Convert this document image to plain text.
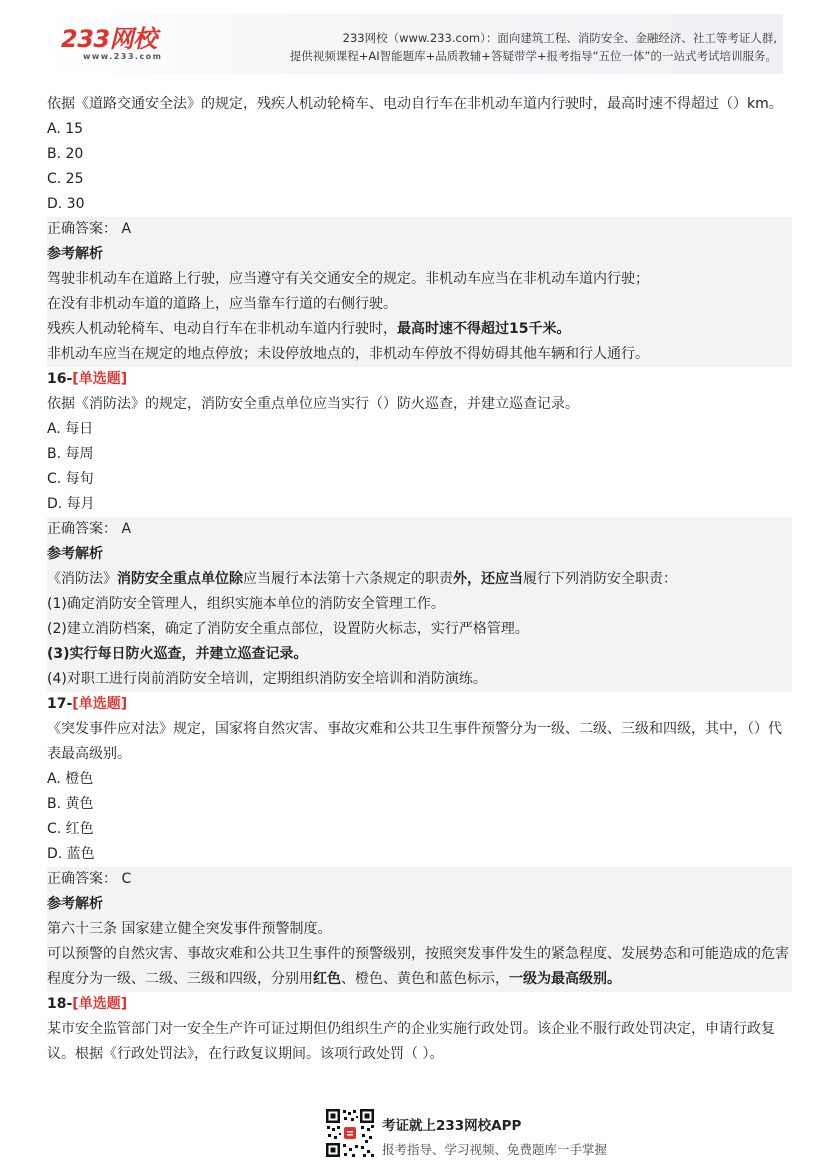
233网校
www.233.com
233网校（www.233.com）：面向建筑工程、消防安全、金融经济、社工等考证人群,
提供视频课程+AI智能题库+品质教辅+答疑带学+报考指导“五位一体”的一站式考试培训服务。
依据《道路交通安全法》的规定，残疾人机动轮椅车、电动自行车在非机动车道内行驶时，最高时速不得超过（）km。
A. 15
B. 20
C. 25
D. 30
正确答案： A
参考解析
驾驶非机动车在道路上行驶，应当遵守有关交通安全的规定。非机动车应当在非机动车道内行驶；
在没有非机动车道的道路上，应当靠车行道的右侧行驶。
残疾人机动轮椅车、电动自行车在非机动车道内行驶时，最高时速不得超过15千米。
非机动车应当在规定的地点停放；未设停放地点的，非机动车停放不得妨碍其他车辆和行人通行。
16-[单选题]
依据《消防法》的规定，消防安全重点单位应当实行（）防火巡查，并建立巡查记录。
A. 每日
B. 每周
C. 每旬
D. 每月
正确答案： A
参考解析
《消防法》消防安全重点单位除应当履行本法第十六条规定的职责外，还应当履行下列消防安全职责：
(1)确定消防安全管理人，组织实施本单位的消防安全管理工作。
(2)建立消防档案，确定了消防安全重点部位，设置防火标志，实行严格管理。
(3)实行每日防火巡查，并建立巡查记录。
(4)对职工进行岗前消防安全培训，定期组织消防安全培训和消防演练。
17-[单选题]
《突发事件应对法》规定，国家将自然灾害、事故灾难和公共卫生事件预警分为一级、二级、三级和四级，其中，（）代表最高级别。
A. 橙色
B. 黄色
C. 红色
D. 蓝色
正确答案： C
参考解析
第六十三条 国家建立健全突发事件预警制度。
可以预警的自然灾害、事故灾难和公共卫生事件的预警级别，按照突发事件发生的紧急程度、发展势态和可能造成的危害程度分为一级、二级、三级和四级，分别用红色、橙色、黄色和蓝色标示，一级为最高级别。
18-[单选题]
某市安全监管部门对一安全生产许可证过期但仍组织生产的企业实施行政处罚。该企业不服行政处罚决定，申请行政复议。根据《行政处罚法》，在行政复议期间。该项行政处罚（ ）。
考证就上233网校APP
报考指导、学习视频、免费题库一手掌握
